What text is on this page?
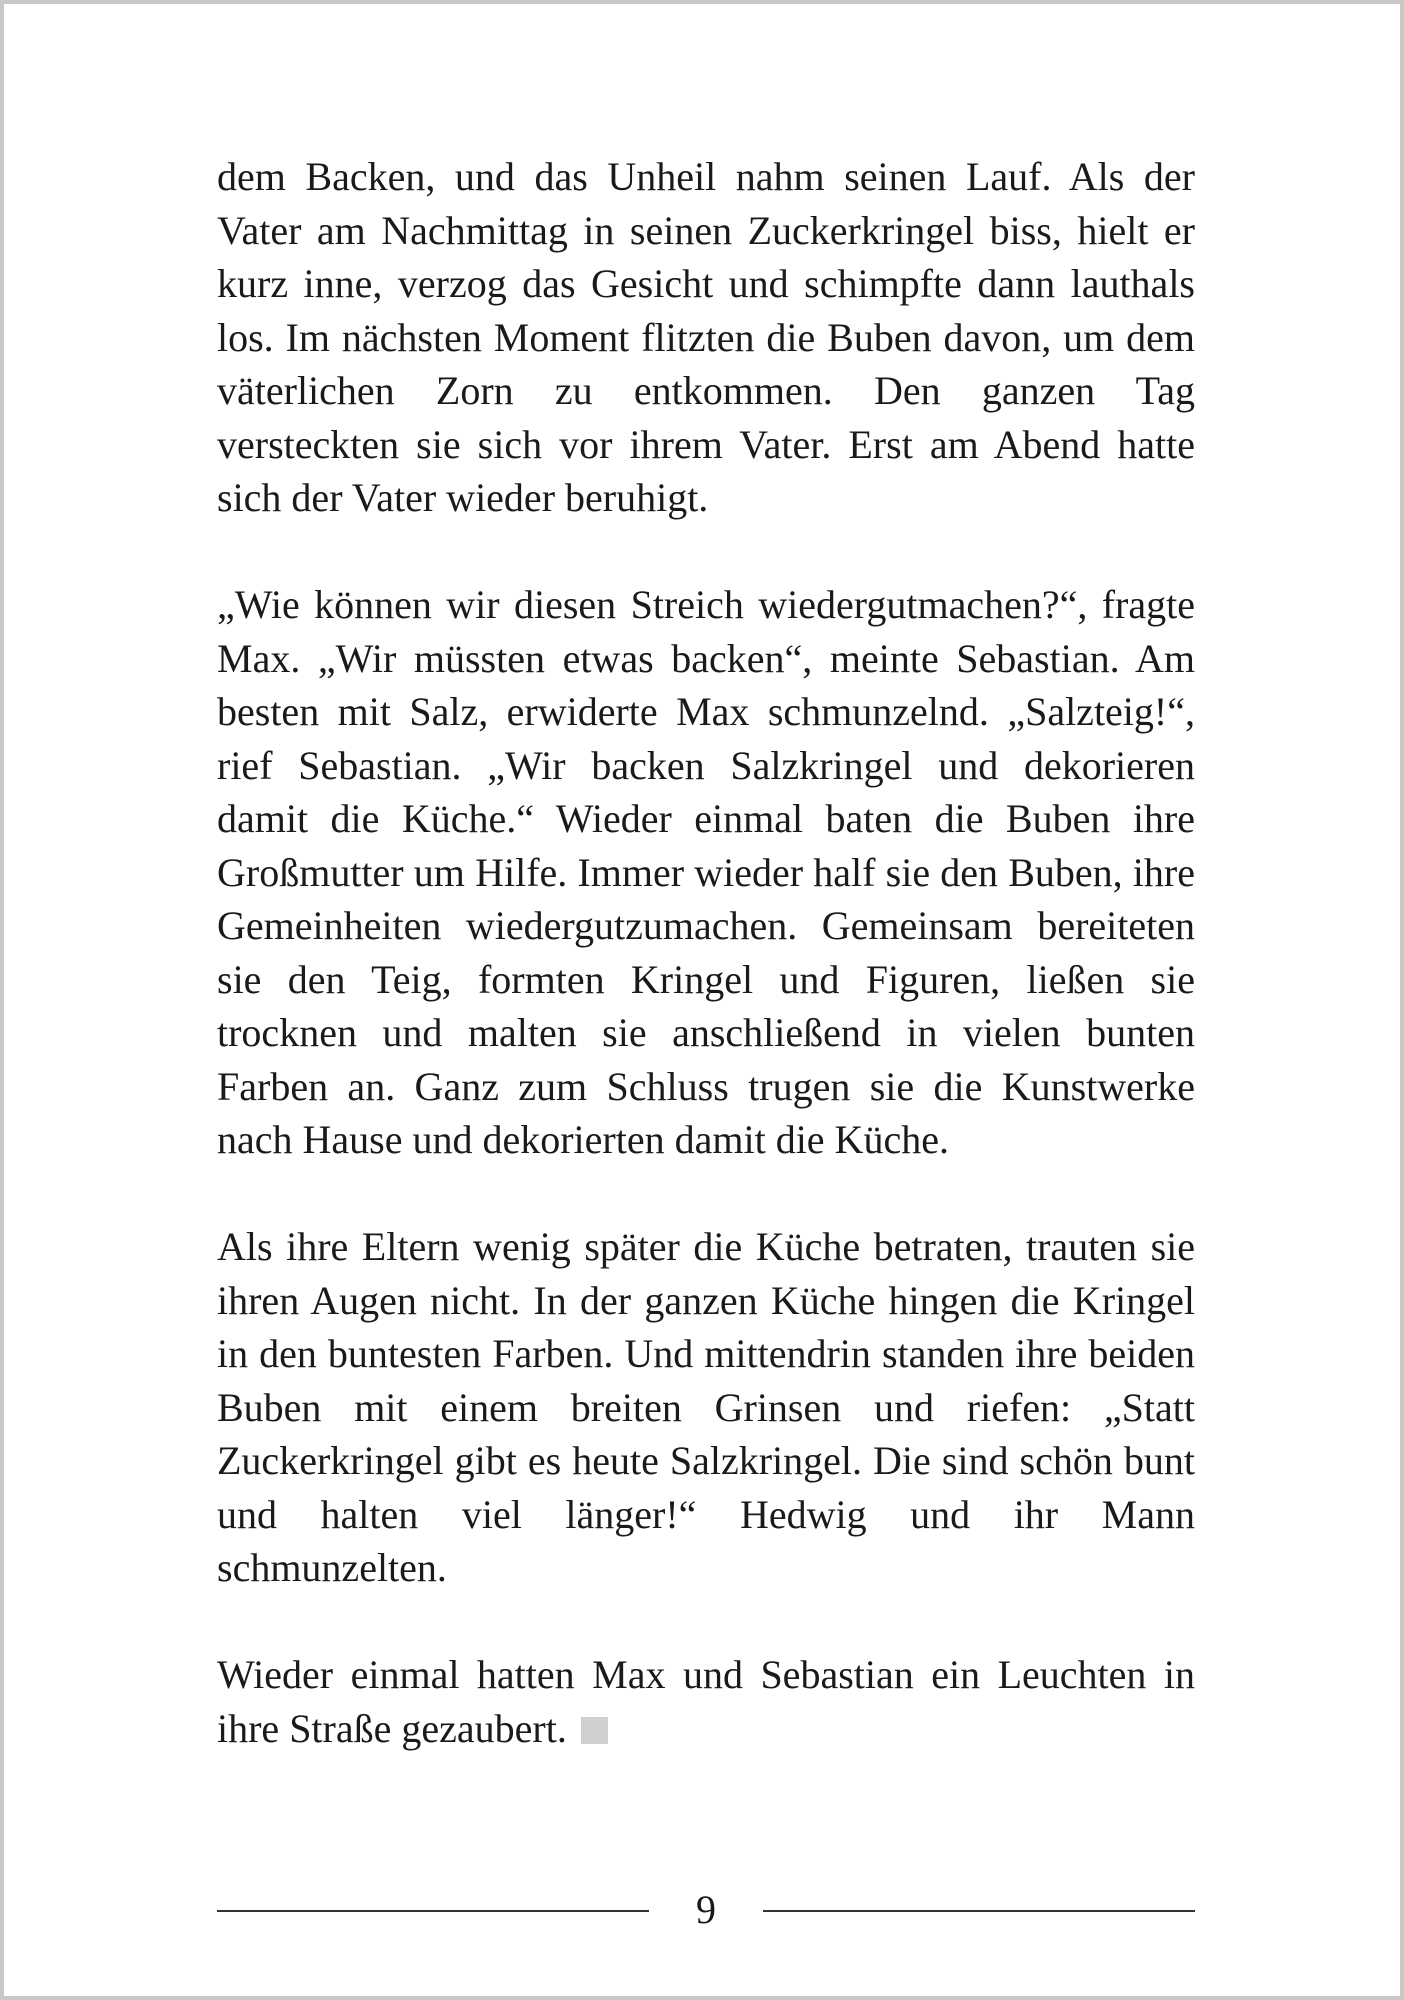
dem Backen, und das Unheil nahm seinen Lauf. Als der Vater am Nachmittag in seinen Zuckerkringel biss, hielt er kurz inne, verzog das Gesicht und schimpfte dann lauthals los. Im nächsten Moment flitzten die Buben davon, um dem väterlichen Zorn zu entkommen. Den ganzen Tag versteckten sie sich vor ihrem Vater. Erst am Abend hatte sich der Vater wieder beruhigt.

„Wie können wir diesen Streich wiedergutmachen?“, fragte Max. „Wir müssten etwas backen“, meinte Sebastian. Am besten mit Salz, erwiderte Max schmunzelnd. „Salzteig!“, rief Sebastian. „Wir backen Salzkringel und dekorieren damit die Küche.“ Wieder einmal baten die Buben ihre Großmutter um Hilfe. Immer wieder half sie den Buben, ihre Gemeinheiten wiedergutzumachen. Gemeinsam bereiteten sie den Teig, formten Kringel und Figuren, ließen sie trocknen und malten sie anschließend in vielen bunten Farben an. Ganz zum Schluss trugen sie die Kunstwerke nach Hause und dekorierten damit die Küche.

Als ihre Eltern wenig später die Küche betraten, trauten sie ihren Augen nicht. In der ganzen Küche hingen die Kringel in den buntesten Farben. Und mittendrin standen ihre beiden Buben mit einem breiten Grinsen und riefen: „Statt Zuckerkringel gibt es heute Salzkringel. Die sind schön bunt und halten viel länger!“ Hedwig und ihr Mann schmunzelten.

Wieder einmal hatten Max und Sebastian ein Leuchten in ihre Straße gezaubert.

9
